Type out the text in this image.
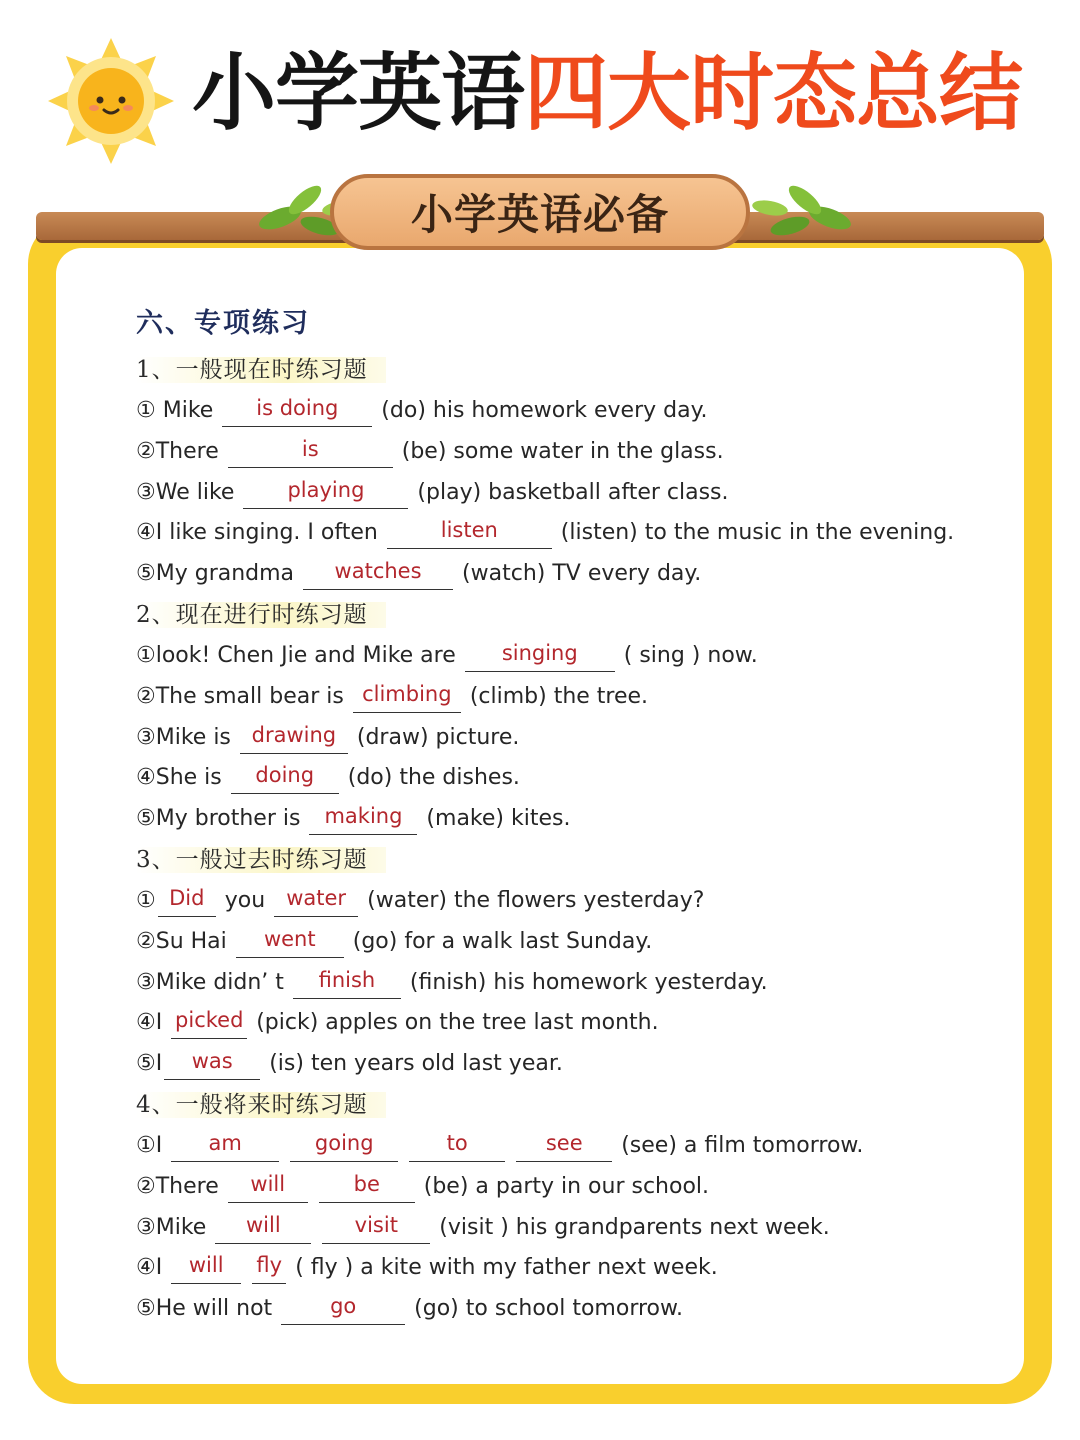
小学英语四大时态总结
小学英语必备
六、专项练习
1、一般现在时练习题
① Mike is doing (do) his homework every day.
②There	is	(be) some water in the glass.
③We like playing (play) basketball after class.
④I like singing. I often	listen	(listen) to the music in the evening.
⑤My grandma watches (watch) TV every day.
2、现在进行时练习题
①look! Chen Jie and Mike are singing ( sing ) now.
②The small bear is climbing (climb) the tree.
③Mike is drawing (draw) picture.
④She is doing (do) the dishes.
⑤My brother is making (make) kites.
3、一般过去时练习题
① Did you water (water) the flowers yesterday?
②Su Hai went (go) for a walk last Sunday.
③Mike didn’ t finish (finish) his homework yesterday.
④I picked (pick) apples on the tree last month.
⑤I was (is) ten years old last year.
4、一般将来时练习题
①I am	going	to	see (see) a film tomorrow.
②There will	be (be) a party in our school.
③Mike will	visit (visit ) his grandparents next week.
④I will fly ( fly ) a kite with my father next week.
⑤He will not go (go) to school tomorrow.
